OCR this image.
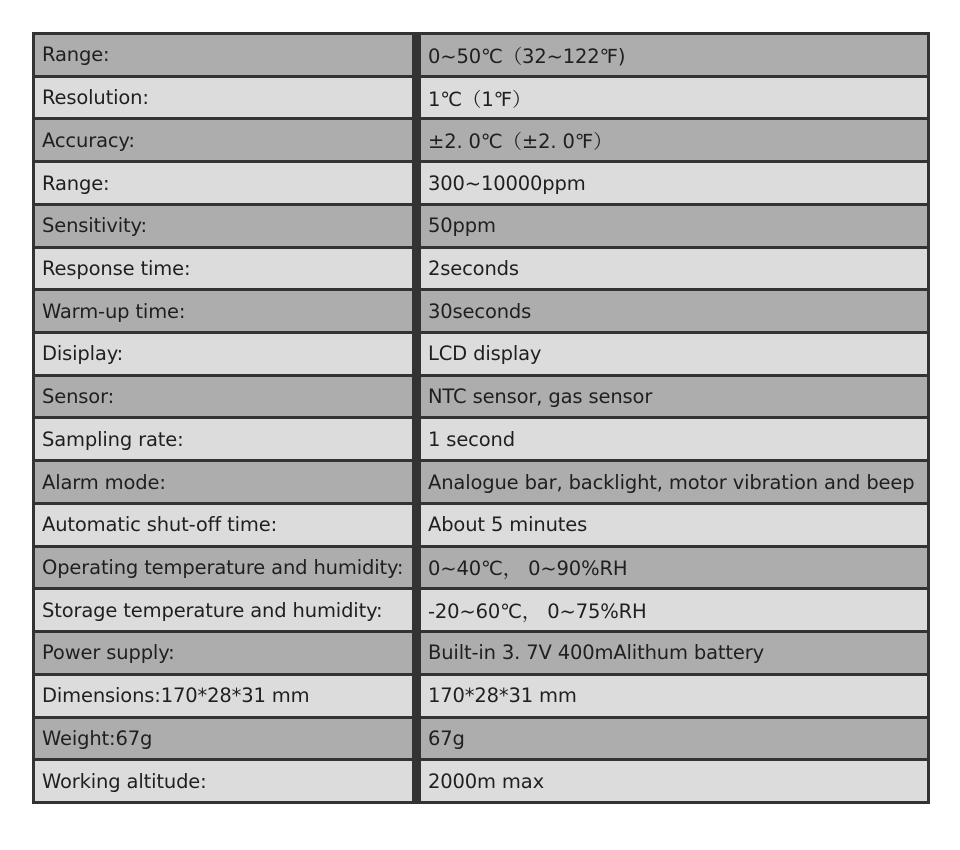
Range:	0~50℃（32~122℉)
Resolution:	1℃（1℉）
Accuracy:	±2. 0℃（±2. 0℉）
Range:	300~10000ppm
Sensitivity:	50ppm
Response time:	2seconds
Warm-up time:	30seconds
Disiplay:	LCD display
Sensor:	NTC sensor, gas sensor
Sampling rate:	1 second
Alarm mode:	Analogue bar, backlight, motor vibration and beep
Automatic shut-off time:	About 5 minutes
Operating temperature and humidity:	0~40℃， 0~90%RH
Storage temperature and humidity:	-20~60℃， 0~75%RH
Power supply:	Built-in 3. 7V 400mAlithum battery
Dimensions:170*28*31 mm	170*28*31 mm
Weight:67g	67g
Working altitude:	2000m max
